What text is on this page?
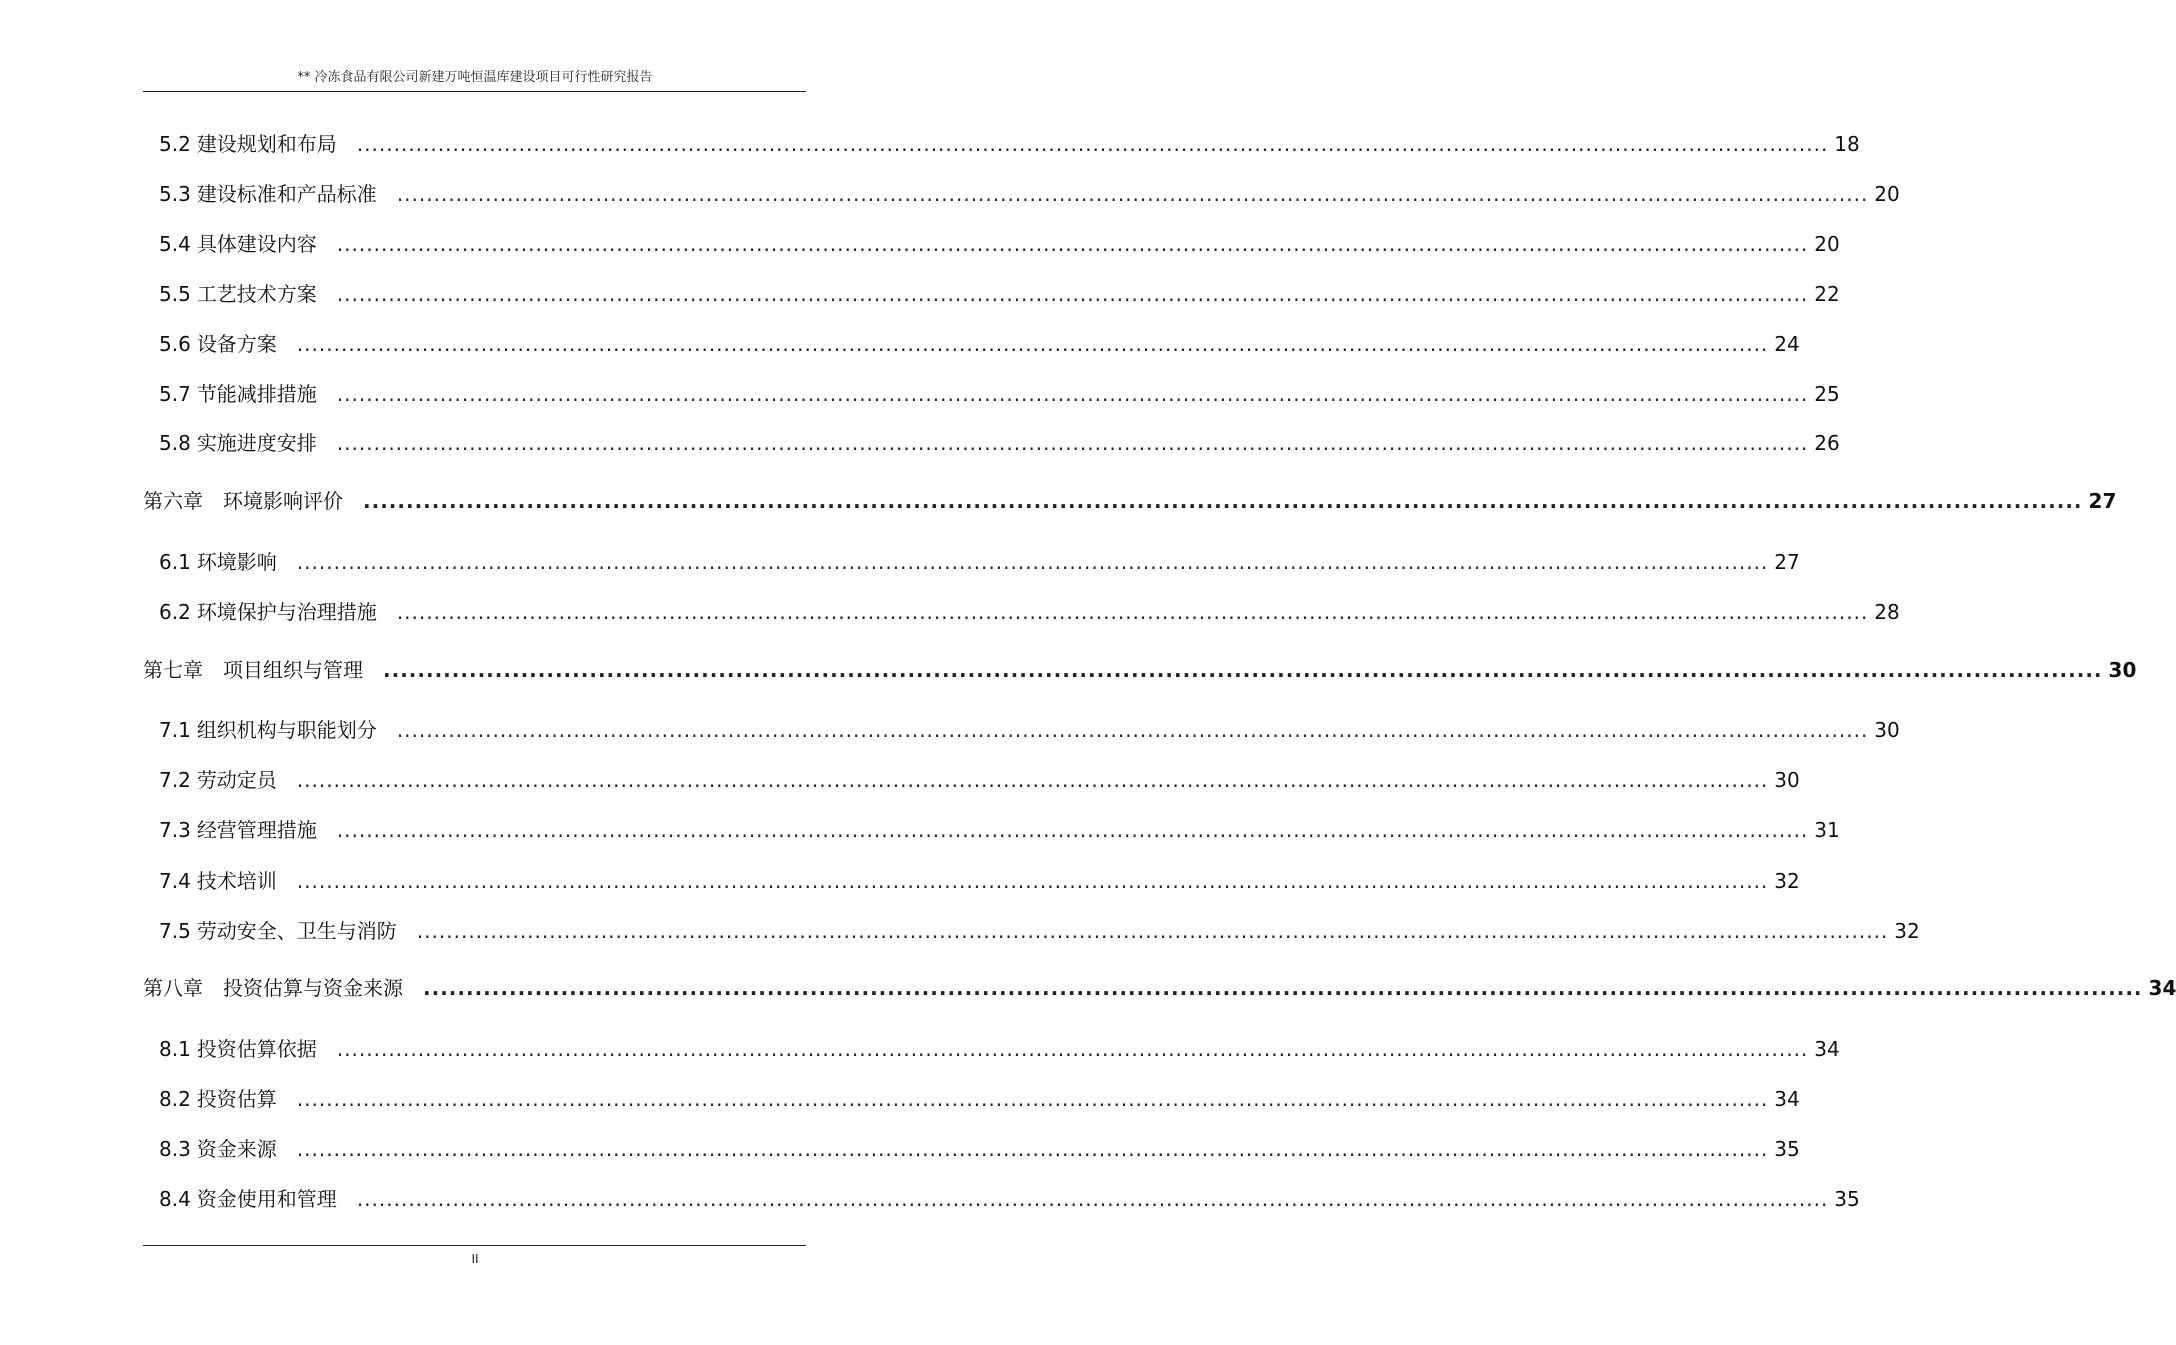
** 冷冻食品有限公司新建万吨恒温库建设项目可行性研究报告
5.2 建设规划和布局 ........................................................................................................................................................................................................ 18
5.3 建设标准和产品标准 ........................................................................................................................................................................................................ 20
5.4 具体建设内容 ........................................................................................................................................................................................................ 20
5.5 工艺技术方案 ........................................................................................................................................................................................................ 22
5.6 设备方案 ........................................................................................................................................................................................................ 24
5.7 节能减排措施 ........................................................................................................................................................................................................ 25
5.8 实施进度安排 ........................................................................................................................................................................................................ 26
第六章 环境影响评价 ........................................................................................................................................................................................................ 27
6.1 环境影响 ........................................................................................................................................................................................................ 27
6.2 环境保护与治理措施 ........................................................................................................................................................................................................ 28
第七章 项目组织与管理 ........................................................................................................................................................................................................ 30
7.1 组织机构与职能划分 ........................................................................................................................................................................................................ 30
7.2 劳动定员 ........................................................................................................................................................................................................ 30
7.3 经营管理措施 ........................................................................................................................................................................................................ 31
7.4 技术培训 ........................................................................................................................................................................................................ 32
7.5 劳动安全、卫生与消防 ........................................................................................................................................................................................................ 32
第八章 投资估算与资金来源 ........................................................................................................................................................................................................ 34
8.1 投资估算依据 ........................................................................................................................................................................................................ 34
8.2 投资估算 ........................................................................................................................................................................................................ 34
8.3 资金来源 ........................................................................................................................................................................................................ 35
8.4 资金使用和管理 ........................................................................................................................................................................................................ 35
II
